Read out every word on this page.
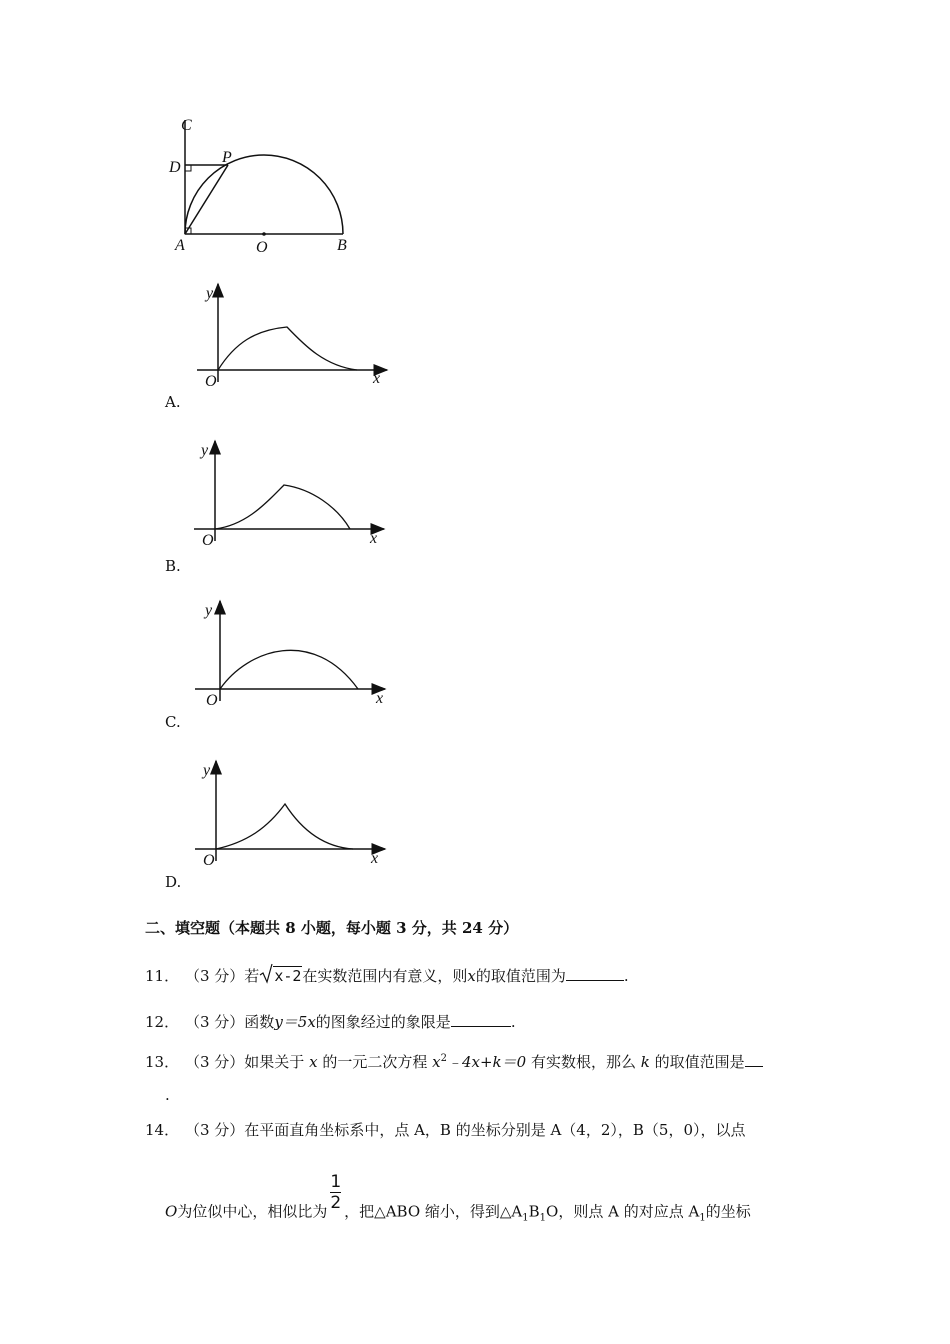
C
D
P
A	O	B
y
x
O
A.
y
x
O
B.
y
x
O
C.
y
x
O
D.
二、填空题（本题共 8 小题，每小题 3 分，共 24 分）
11． （3 分）若 x-2在实数范围内有意义，则x的取值范围为	.
12． （3 分）函数y＝5x的图象经过的象限是	.
13． （3 分）如果关于 x 的一元二次方程 $x^2﹣4x+k=0$ 有实数根，那么 k 的取值范围是
.
14． （3 分）在平面直角坐标系中，点 A，B 的坐标分别是 A（4，2），B（5，0），以点
O为位似中心，相似比为 $\frac{1}{2}$ ，把△ABO 缩小，得到$\triangle A_1B_1O$，则点 A 的对应点 $A_1$的坐标
